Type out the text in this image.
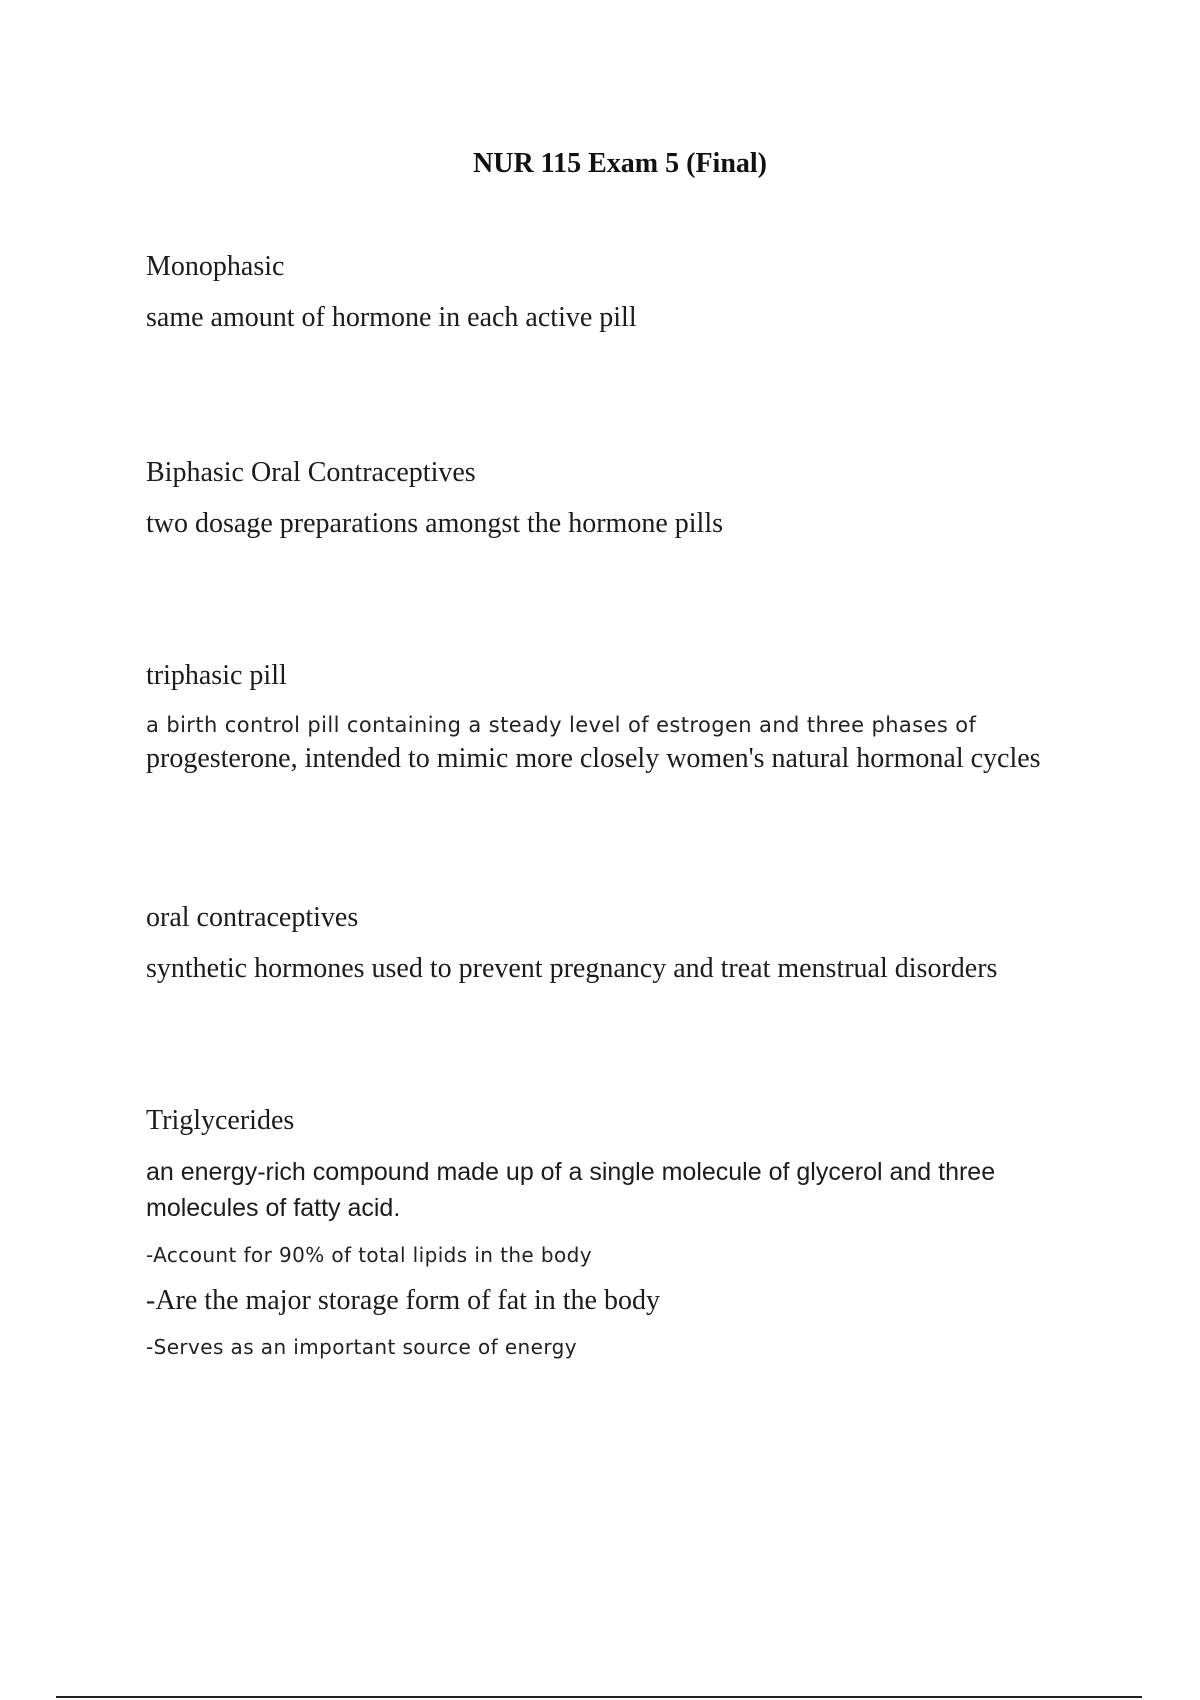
NUR 115 Exam 5 (Final)

Monophasic

same amount of hormone in each active pill

Biphasic Oral Contraceptives

two dosage preparations amongst the hormone pills

triphasic pill

a birth control pill containing a steady level of estrogen and three phases of

progesterone, intended to mimic more closely women's natural hormonal cycles

oral contraceptives

synthetic hormones used to prevent pregnancy and treat menstrual disorders

Triglycerides

an energy-rich compound made up of a single molecule of glycerol and three

molecules of fatty acid.

-Account for 90% of total lipids in the body

-Are the major storage form of fat in the body

-Serves as an important source of energy
